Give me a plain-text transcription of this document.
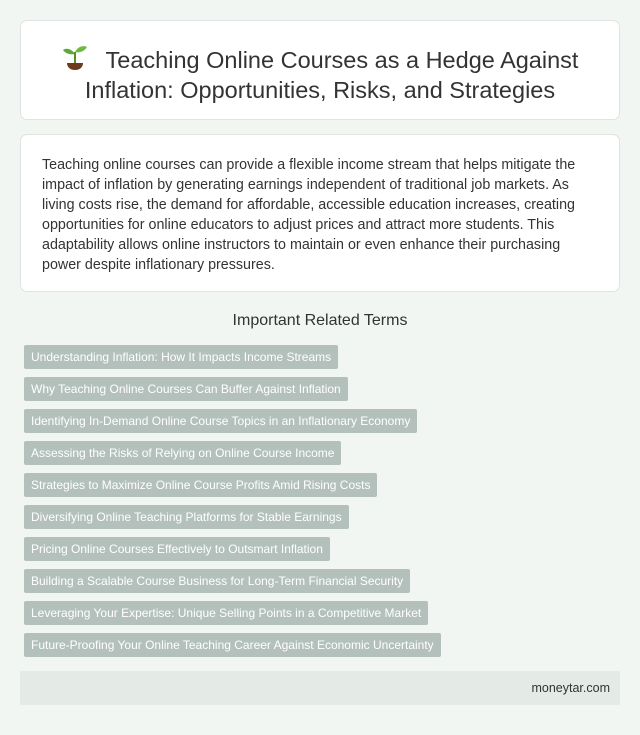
Teaching Online Courses as a Hedge Against Inflation: Opportunities, Risks, and Strategies

Teaching online courses can provide a flexible income stream that helps mitigate the impact of inflation by generating earnings independent of traditional job markets. As living costs rise, the demand for affordable, accessible education increases, creating opportunities for online educators to adjust prices and attract more students. This adaptability allows online instructors to maintain or even enhance their purchasing power despite inflationary pressures.

Important Related Terms
Understanding Inflation: How It Impacts Income Streams
Why Teaching Online Courses Can Buffer Against Inflation
Identifying In-Demand Online Course Topics in an Inflationary Economy
Assessing the Risks of Relying on Online Course Income
Strategies to Maximize Online Course Profits Amid Rising Costs
Diversifying Online Teaching Platforms for Stable Earnings
Pricing Online Courses Effectively to Outsmart Inflation
Building a Scalable Course Business for Long-Term Financial Security
Leveraging Your Expertise: Unique Selling Points in a Competitive Market
Future-Proofing Your Online Teaching Career Against Economic Uncertainty
moneytar.com
